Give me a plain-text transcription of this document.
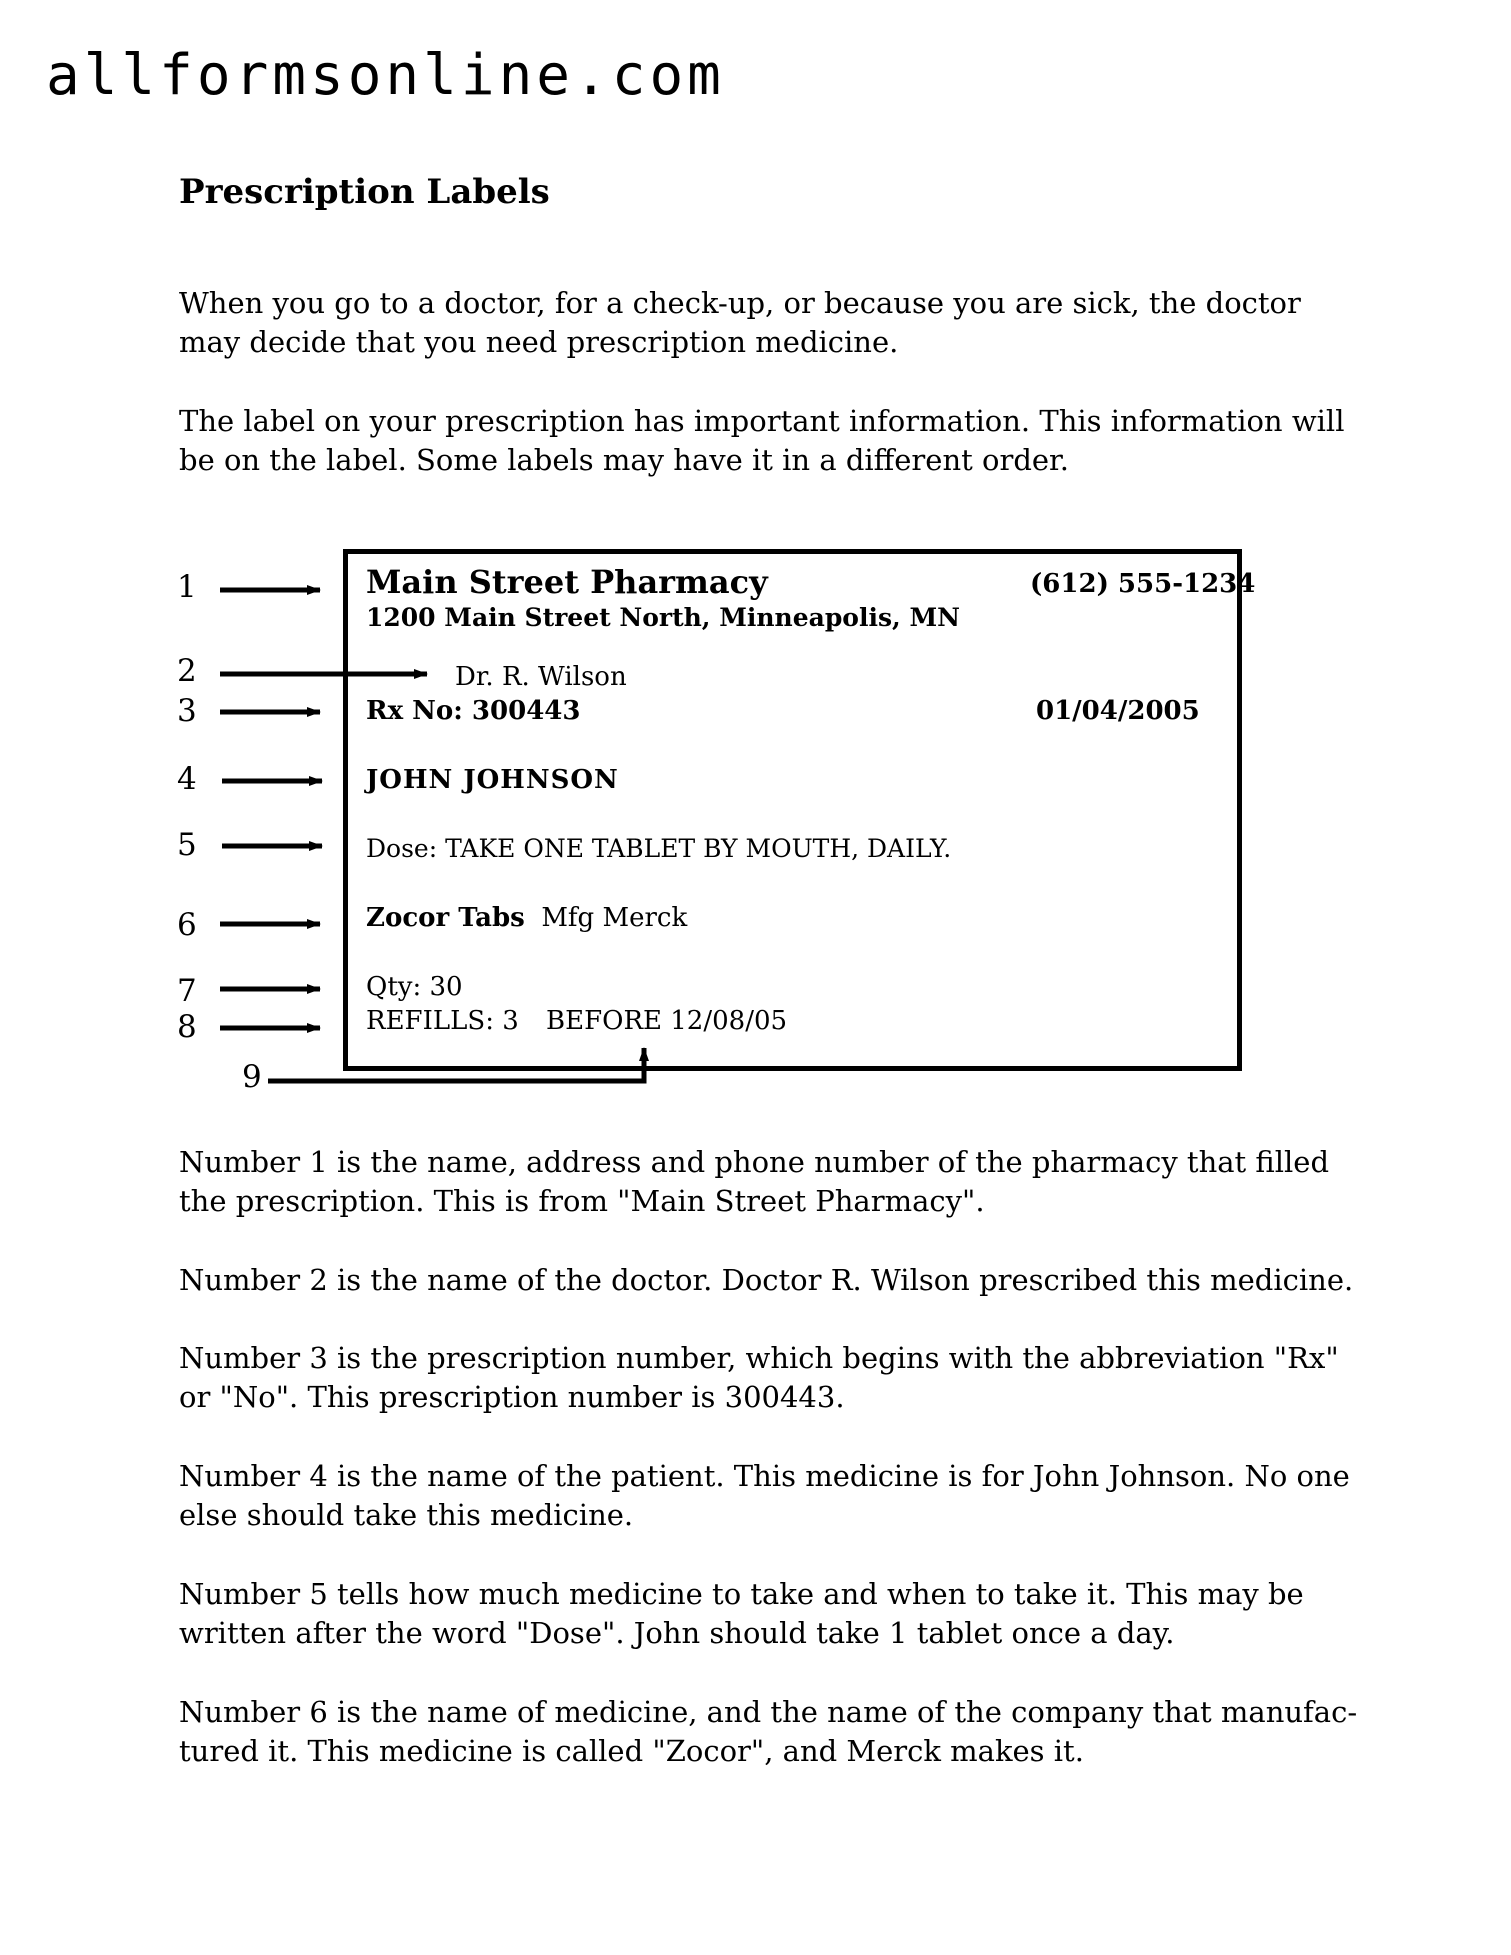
allformsonline.com
Prescription Labels

When you go to a doctor, for a check-up, or because you are sick, the doctor
may decide that you need prescription medicine.

The label on your prescription has important information. This information will
be on the label. Some labels may have it in a different order.

1
2
3
4
5
6
7
8
9
Main Street Pharmacy	(612) 555-1234
1200 Main Street North, Minneapolis, MN
Dr. R. Wilson
Rx No: 300443	01/04/2005
JOHN JOHNSON
Dose: TAKE ONE TABLET BY MOUTH, DAILY.
Zocor Tabs Mfg Merck
Qty: 30
REFILLS: 3 BEFORE 12/08/05

Number 1 is the name, address and phone number of the pharmacy that filled
the prescription. This is from "Main Street Pharmacy".

Number 2 is the name of the doctor. Doctor R. Wilson prescribed this medicine.

Number 3 is the prescription number, which begins with the abbreviation "Rx"
or "No". This prescription number is 300443.

Number 4 is the name of the patient. This medicine is for John Johnson. No one
else should take this medicine.

Number 5 tells how much medicine to take and when to take it. This may be
written after the word "Dose". John should take 1 tablet once a day.

Number 6 is the name of medicine, and the name of the company that manufac-
tured it. This medicine is called "Zocor", and Merck makes it.
